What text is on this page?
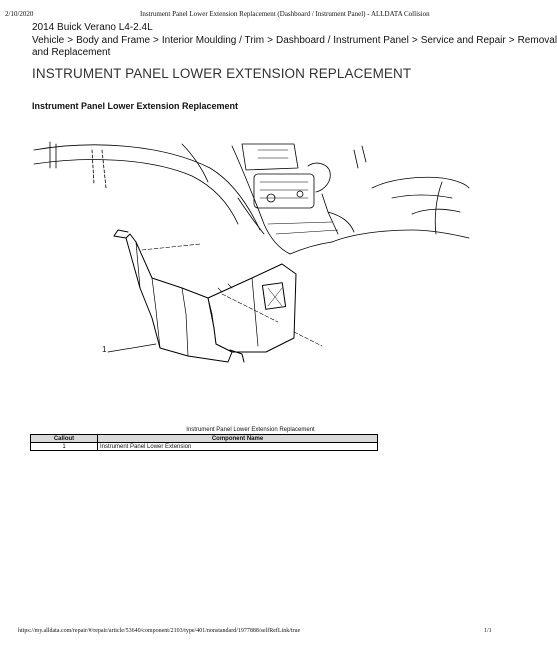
2/10/2020	Instrument Panel Lower Extension Replacement (Dashboard / Instrument Panel) - ALLDATA Collision
2014 Buick Verano L4-2.4L
Vehicle > Body and Frame > Interior Moulding / Trim > Dashboard / Instrument Panel > Service and Repair > Removal
and Replacement
INSTRUMENT PANEL LOWER EXTENSION REPLACEMENT
Instrument Panel Lower Extension Replacement
1
Instrument Panel Lower Extension Replacement
Callout	Component Name
1	Instrument Panel Lower Extension
https://my.alldata.com/repair/#/repair/article/53640/component/2103/type/401/nonstandard/1977888/selfRefLink/true	1/1
